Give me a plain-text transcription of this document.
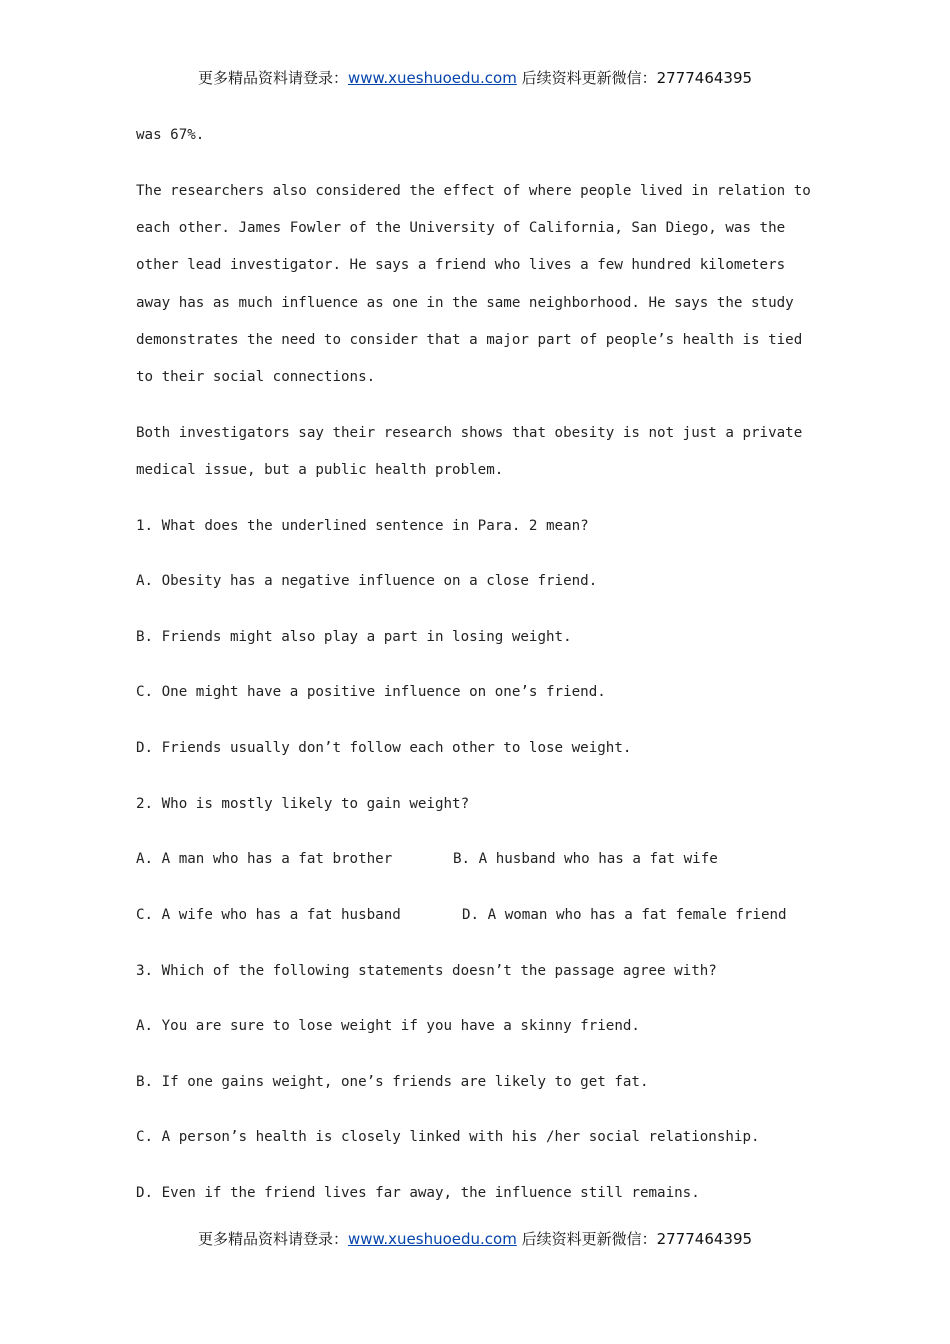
更多精品资料请登录：www.xueshuoedu.com 后续资料更新微信：2777464395
was 67%.
The researchers also considered the effect of where people lived in relation to
each other. James Fowler of the University of California, San Diego, was the
other lead investigator. He says a friend who lives a few hundred kilometers
away has as much influence as one in the same neighborhood. He says the study
demonstrates the need to consider that a major part of people’s health is tied
to their social connections.
Both investigators say their research shows that obesity is not just a private
medical issue, but a public health problem.
1. What does the underlined sentence in Para. 2 mean?
A. Obesity has a negative influence on a close friend.
B. Friends might also play a part in losing weight.
C. One might have a positive influence on one’s friend.
D. Friends usually don’t follow each other to lose weight.
2. Who is mostly likely to gain weight?
A. A man who has a fat brother	B. A husband who has a fat wife
C. A wife who has a fat husband	D. A woman who has a fat female friend
3. Which of the following statements doesn’t the passage agree with?
A. You are sure to lose weight if you have a skinny friend.
B. If one gains weight, one’s friends are likely to get fat.
C. A person’s health is closely linked with his /her social relationship.
D. Even if the friend lives far away, the influence still remains.
更多精品资料请登录：www.xueshuoedu.com 后续资料更新微信：2777464395
